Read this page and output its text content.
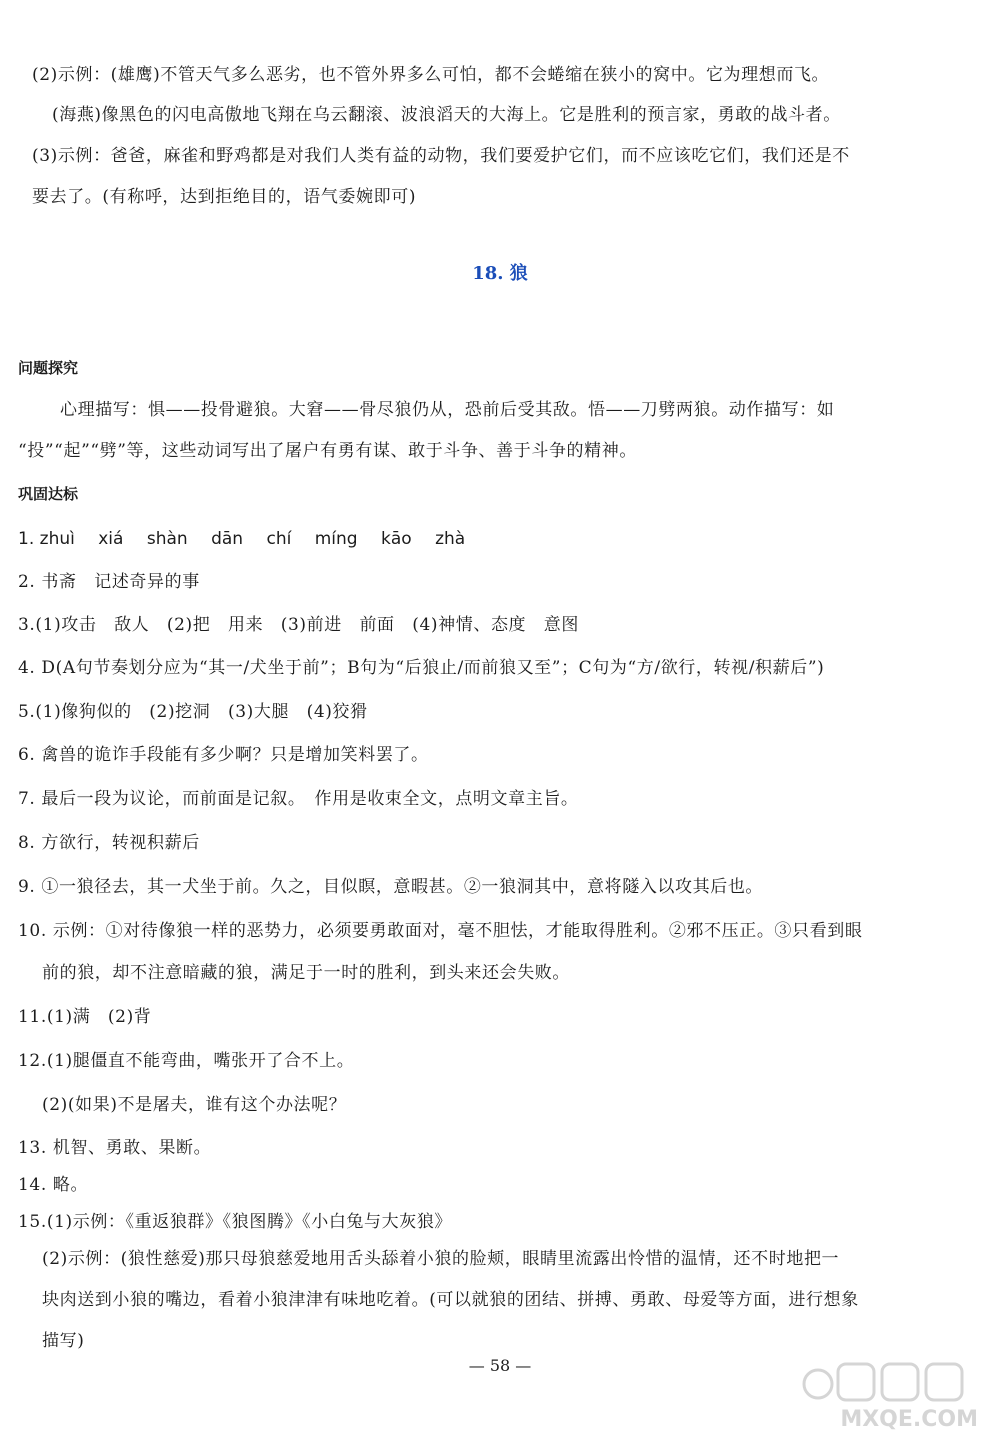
(2)示例：(雄鹰)不管天气多么恶劣，也不管外界多么可怕，都不会蜷缩在狭小的窝中。它为理想而飞。
(海燕)像黑色的闪电高傲地飞翔在乌云翻滚、波浪滔天的大海上。它是胜利的预言家，勇敢的战斗者。
(3)示例：爸爸，麻雀和野鸡都是对我们人类有益的动物，我们要爱护它们，而不应该吃它们，我们还是不
要去了。(有称呼，达到拒绝目的，语气委婉即可)
18. 狼
问题探究
心理描写：惧——投骨避狼。大窘——骨尽狼仍从，恐前后受其敌。悟——刀劈两狼。动作描写：如
“投”“起”“劈”等，这些动词写出了屠户有勇有谋、敢于斗争、善于斗争的精神。
巩固达标
1. zhuì xiá shàn dān chí míng kāo zhà
2. 书斋　记述奇异的事
3.(1)攻击　敌人　(2)把　用来　(3)前进　前面　(4)神情、态度　意图
4. D(A句节奏划分应为“其一/犬坐于前”；B句为“后狼止/而前狼又至”；C句为“方/欲行，转视/积薪后”)
5.(1)像狗似的　(2)挖洞　(3)大腿　(4)狡猾
6. 禽兽的诡诈手段能有多少啊？只是增加笑料罢了。
7. 最后一段为议论，而前面是记叙。　作用是收束全文，点明文章主旨。
8. 方欲行，转视积薪后
9. ①一狼径去，其一犬坐于前。久之，目似瞑，意暇甚。②一狼洞其中，意将隧入以攻其后也。
10. 示例：①对待像狼一样的恶势力，必须要勇敢面对，毫不胆怯，才能取得胜利。②邪不压正。③只看到眼
前的狼，却不注意暗藏的狼，满足于一时的胜利，到头来还会失败。
11.(1)满　(2)背
12.(1)腿僵直不能弯曲，嘴张开了合不上。
(2)(如果)不是屠夫，谁有这个办法呢？
13. 机智、勇敢、果断。
14. 略。
15.(1)示例：《重返狼群》《狼图腾》《小白兔与大灰狼》
(2)示例：(狼性慈爱)那只母狼慈爱地用舌头舔着小狼的脸颊，眼睛里流露出怜惜的温情，还不时地把一
块肉送到小狼的嘴边，看着小狼津津有味地吃着。(可以就狼的团结、拼搏、勇敢、母爱等方面，进行想象
描写)
— 58 —
MXQE.COM
